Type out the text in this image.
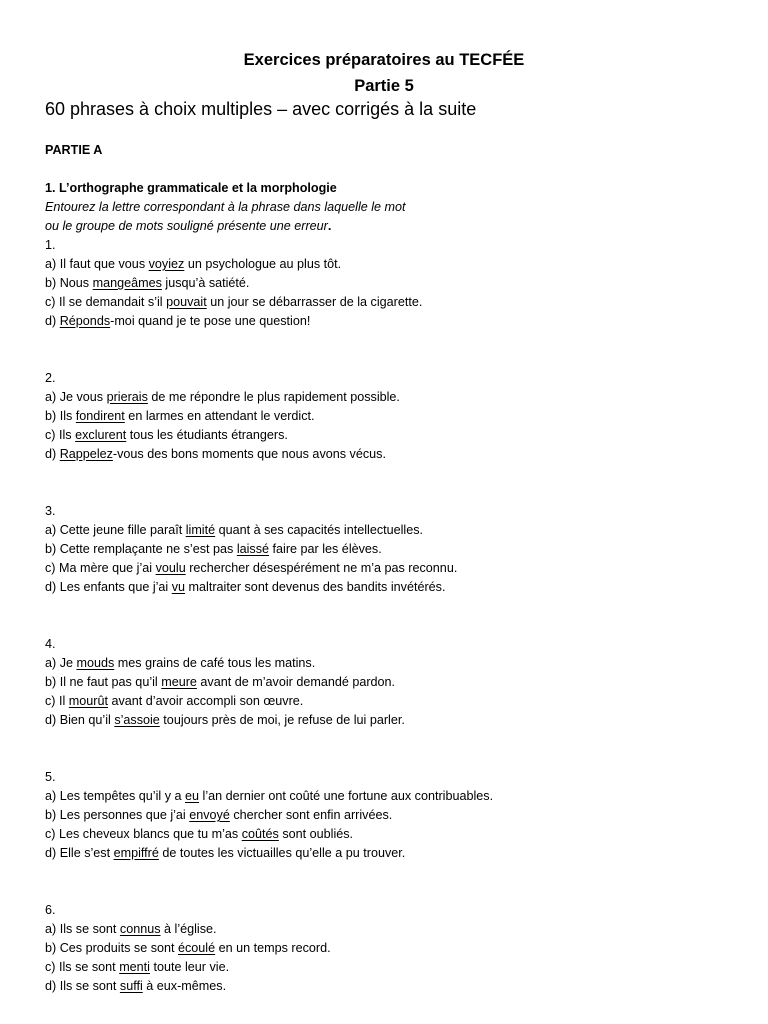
Exercices préparatoires au TECFÉE
Partie 5
60 phrases à choix multiples – avec corrigés à la suite
PARTIE A
1. L’orthographe grammaticale et la morphologie
Entourez la lettre correspondant à la phrase dans laquelle le mot
ou le groupe de mots souligné présente une erreur.
1.
a) Il faut que vous voyiez un psychologue au plus tôt.
b) Nous mangeâmes jusqu’à satiété.
c) Il se demandait s’il pouvait un jour se débarrasser de la cigarette.
d) Réponds-moi quand je te pose une question!
2.
a) Je vous prierais de me répondre le plus rapidement possible.
b) Ils fondirent en larmes en attendant le verdict.
c) Ils exclurent tous les étudiants étrangers.
d) Rappelez-vous des bons moments que nous avons vécus.
3.
a) Cette jeune fille paraît limité quant à ses capacités intellectuelles.
b) Cette remplaçante ne s’est pas laissé faire par les élèves.
c) Ma mère que j’ai voulu rechercher désespérément ne m’a pas reconnu.
d) Les enfants que j’ai vu maltraiter sont devenus des bandits invétérés.
4.
a) Je mouds mes grains de café tous les matins.
b) Il ne faut pas qu’il meure avant de m’avoir demandé pardon.
c) Il mourût avant d’avoir accompli son œuvre.
d) Bien qu’il s’assoie toujours près de moi, je refuse de lui parler.
5.
a) Les tempêtes qu’il y a eu l’an dernier ont coûté une fortune aux contribuables.
b) Les personnes que j’ai envoyé chercher sont enfin arrivées.
c) Les cheveux blancs que tu m’as coûtés sont oubliés.
d) Elle s’est empiffré de toutes les victuailles qu’elle a pu trouver.
6.
a) Ils se sont connus à l’église.
b) Ces produits se sont écoulé en un temps record.
c) Ils se sont menti toute leur vie.
d) Ils se sont suffi à eux-mêmes.
